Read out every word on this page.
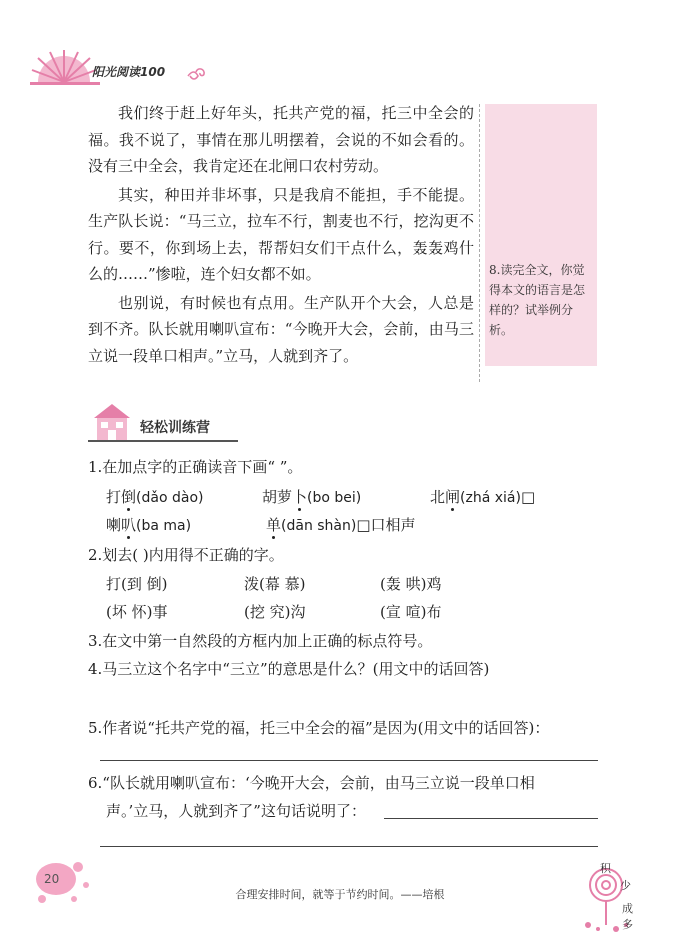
阳光阅读100

我们终于赶上好年头，托共产党的福，托三中全会的福。我不说了，事情在那儿明摆着，会说的不如会看的。没有三中全会，我肯定还在北闸口农村劳动。

其实，种田并非坏事，只是我肩不能担，手不能提。生产队长说：“马三立，拉车不行，割麦也不行，挖沟更不行。要不，你到场上去，帮帮妇女们干点什么，轰轰鸡什么的……”惨啦，连个妇女都不如。

也别说，有时候也有点用。生产队开个大会，人总是到不齐。队长就用喇叭宣布：“今晚开大会，会前，由马三立说一段单口相声。”立马，人就到齐了。

8.读完全文，你觉得本文的语言是怎样的？试举例分析。
轻松训练营
1.在加点字的正确读音下画“ ”。
打倒(dǎo dào)	胡萝卜(bo bei)	北闸(zhá xiá)□
喇叭(ba ma)	单(dān shàn)□口相声
2.划去( )内用得不正确的字。
打(到 倒)	泼(幕 慕)	(轰 哄)鸡
(坏 怀)事	(挖 究)沟	(宣 喧)布
3.在文中第一自然段的方框内加上正确的标点符号。
4.马三立这个名字中“三立”的意思是什么？(用文中的话回答)
5.作者说“托共产党的福，托三中全会的福”是因为(用文中的话回答)：
6.“队长就用喇叭宣布：‘今晚开大会，会前，由马三立说一段单口相
声。’立马，人就到齐了”这句话说明了：
20
合理安排时间，就等于节约时间。——培根
积
少
成
多
